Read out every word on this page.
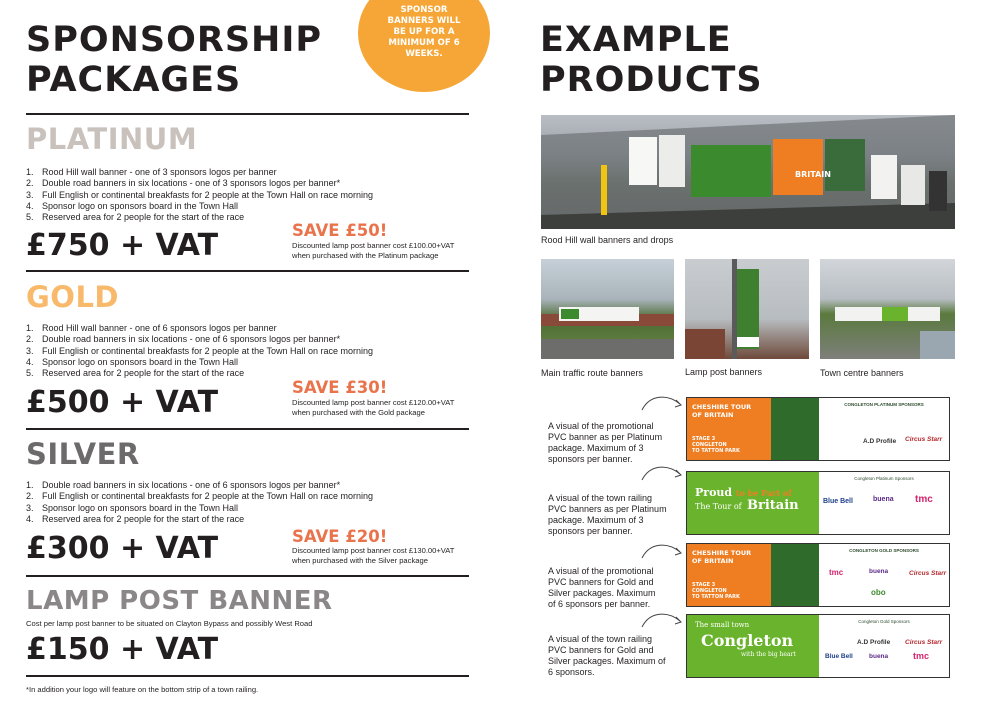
SPONSORSHIP
PACKAGES
SPONSOR
BANNERS WILL
BE UP FOR A
MINIMUM OF 6
WEEKS.
PLATINUM
1. Rood Hill wall banner - one of 3 sponsors logos per banner
2. Double road banners in six locations - one of 3 sponsors logos per banner*
3. Full English or continental breakfasts for 2 people at the Town Hall on race morning
4. Sponsor logo on sponsors board in the Town Hall
5. Reserved area for 2 people for the start of the race
£750 + VAT	SAVE £50!
Discounted lamp post banner cost £100.00+VAT
when purchased with the Platinum package
GOLD
1. Rood Hill wall banner - one of 6 sponsors logos per banner
2. Double road banners in six locations - one of 6 sponsors logos per banner*
3. Full English or continental breakfasts for 2 people at the Town Hall on race morning
4. Sponsor logo on sponsors board in the Town Hall
5. Reserved area for 2 people for the start of the race
£500 + VAT	SAVE £30!
Discounted lamp post banner cost £120.00+VAT
when purchased with the Gold package
SILVER
1. Double road banners in six locations - one of 6 sponsors logos per banner*
2. Full English or continental breakfasts for 2 people at the Town Hall on race morning
3. Sponsor logo on sponsors board in the Town Hall
4. Reserved area for 2 people for the start of the race
£300 + VAT	SAVE £20!
Discounted lamp post banner cost £130.00+VAT
when purchased with the Silver package
LAMP POST BANNER
Cost per lamp post banner to be situated on Clayton Bypass and possibly West Road
£150 + VAT
*In addition your logo will feature on the bottom strip of a town railing.
EXAMPLE
PRODUCTS
BRITAIN
Rood Hill wall banners and drops
Main traffic route banners	Lamp post banners	Town centre banners
A visual of the promotional
PVC banner as per Platinum
package. Maximum of 3
sponsors per banner.
CHESHIRE TOUR
OF BRITAIN
STAGE 3
CONGLETON
TO TATTON PARK
CONGLETON PLATINUM SPONSORS
A.D Profile Circus Starr
A visual of the town railing
PVC banners as per Platinum
package. Maximum of 3
sponsors per banner.
Proud to be Part of
The Tour of Britain
Congleton Platinum Sponsors
Blue Bell	buena tmc
A visual of the promotional
PVC banners for Gold and
Silver packages. Maximum
of 6 sponsors per banner.
CHESHIRE TOUR
OF BRITAIN
STAGE 3
CONGLETON
TO TATTON PARK
CONGLETON GOLD SPONSORS
tmc	buena	Circus Starr
obo
A visual of the town railing
PVC banners for Gold and
Silver packages. Maximum of
6 sponsors.
The small town
Congleton
with the big heart
Congleton Gold Sponsors
A.D Profile Circus Starr
Blue Bell buena	tmc
